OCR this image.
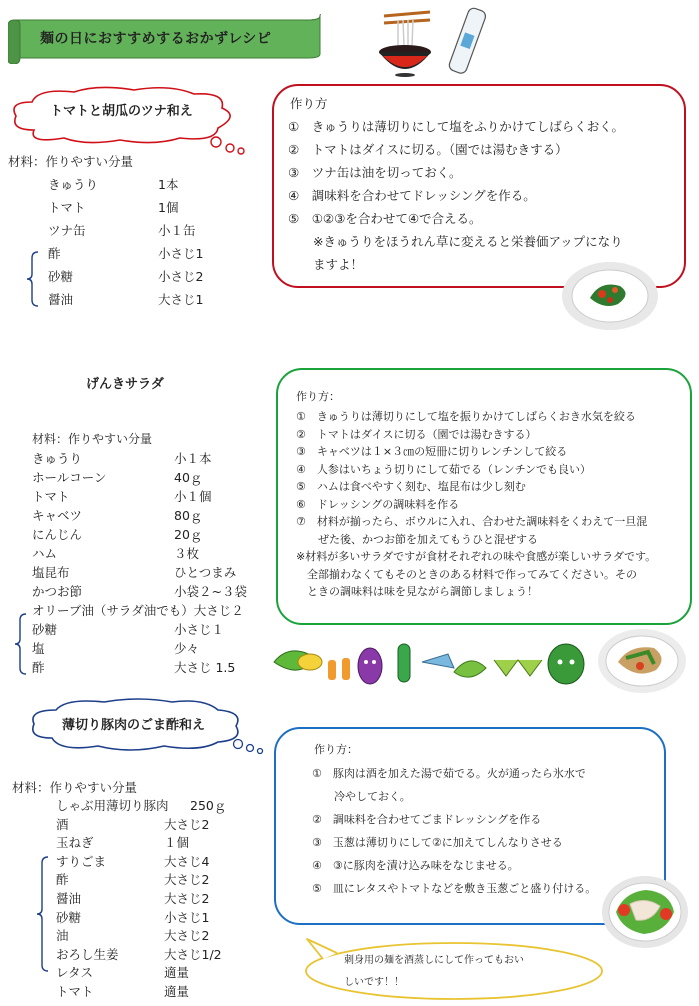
麺の日におすすめするおかずレシピ
トマトと胡瓜のツナ和え
材料：作りやすい分量
きゅうり	1本
トマト	1個
ツナ缶	小１缶
酢	小さじ1
砂糖	小さじ2
醤油	大さじ1
作り方
①　きゅうりは薄切りにして塩をふりかけてしばらくおく。
②　トマトはダイスに切る。（園では湯むきする）
③　ツナ缶は油を切っておく。
④　調味料を合わせてドレッシングを作る。
⑤　①②③を合わせて④で合える。
　　※きゅうりをほうれん草に変えると栄養価アップになり
　　ますよ！
げんきサラダ
材料：作りやすい分量
きゅうり	小１本
ホールコーン	40ｇ
トマト	小１個
キャベツ	80ｇ
にんじん	20ｇ
ハム	３枚
塩昆布	ひとつまみ
かつお節	小袋２~３袋
オリーブ油（サラダ油でも）大さじ２
砂糖	小さじ１
塩	少々
酢	大さじ 1.5
作り方：
①　きゅうりは薄切りにして塩を振りかけてしばらくおき水気を絞る
②　トマトはダイスに切る（園では湯むきする）
③　キャベツは１×３㎝の短冊に切りレンチンして絞る
④　人参はいちょう切りにして茹でる（レンチンでも良い）
⑤　ハムは食べやすく刻む、塩昆布は少し刻む
⑥　ドレッシングの調味料を作る
⑦　材料が揃ったら、ボウルに入れ、合わせた調味料をくわえて一旦混
　　ぜた後、かつお節を加えてもうひと混ぜする
※材料が多いサラダですが食材それぞれの味や食感が楽しいサラダです。
　全部揃わなくてもそのときのある材料で作ってみてください。その
　ときの調味料は味を見ながら調節しましょう！
薄切り豚肉のごま酢和え
材料：作りやすい分量
しゃぶ用薄切り豚肉 250ｇ
酒	大さじ2
玉ねぎ	１個
すりごま	大さじ4
酢	大さじ2
醤油	大さじ2
砂糖	小さじ1
油	大さじ2
おろし生姜	大さじ1/2
レタス	適量
トマト	適量
作り方：
①　豚肉は酒を加えた湯で茹でる。火が通ったら氷水で
　　冷やしておく。
②　調味料を合わせてごまドレッシングを作る
③　玉葱は薄切りにして②に加えてしんなりさせる
④　③に豚肉を漬け込み味をなじませる。
⑤　皿にレタスやトマトなどを敷き玉葱ごと盛り付ける。
刺身用の麺を酒蒸しにして作ってもおい
しいです！！
